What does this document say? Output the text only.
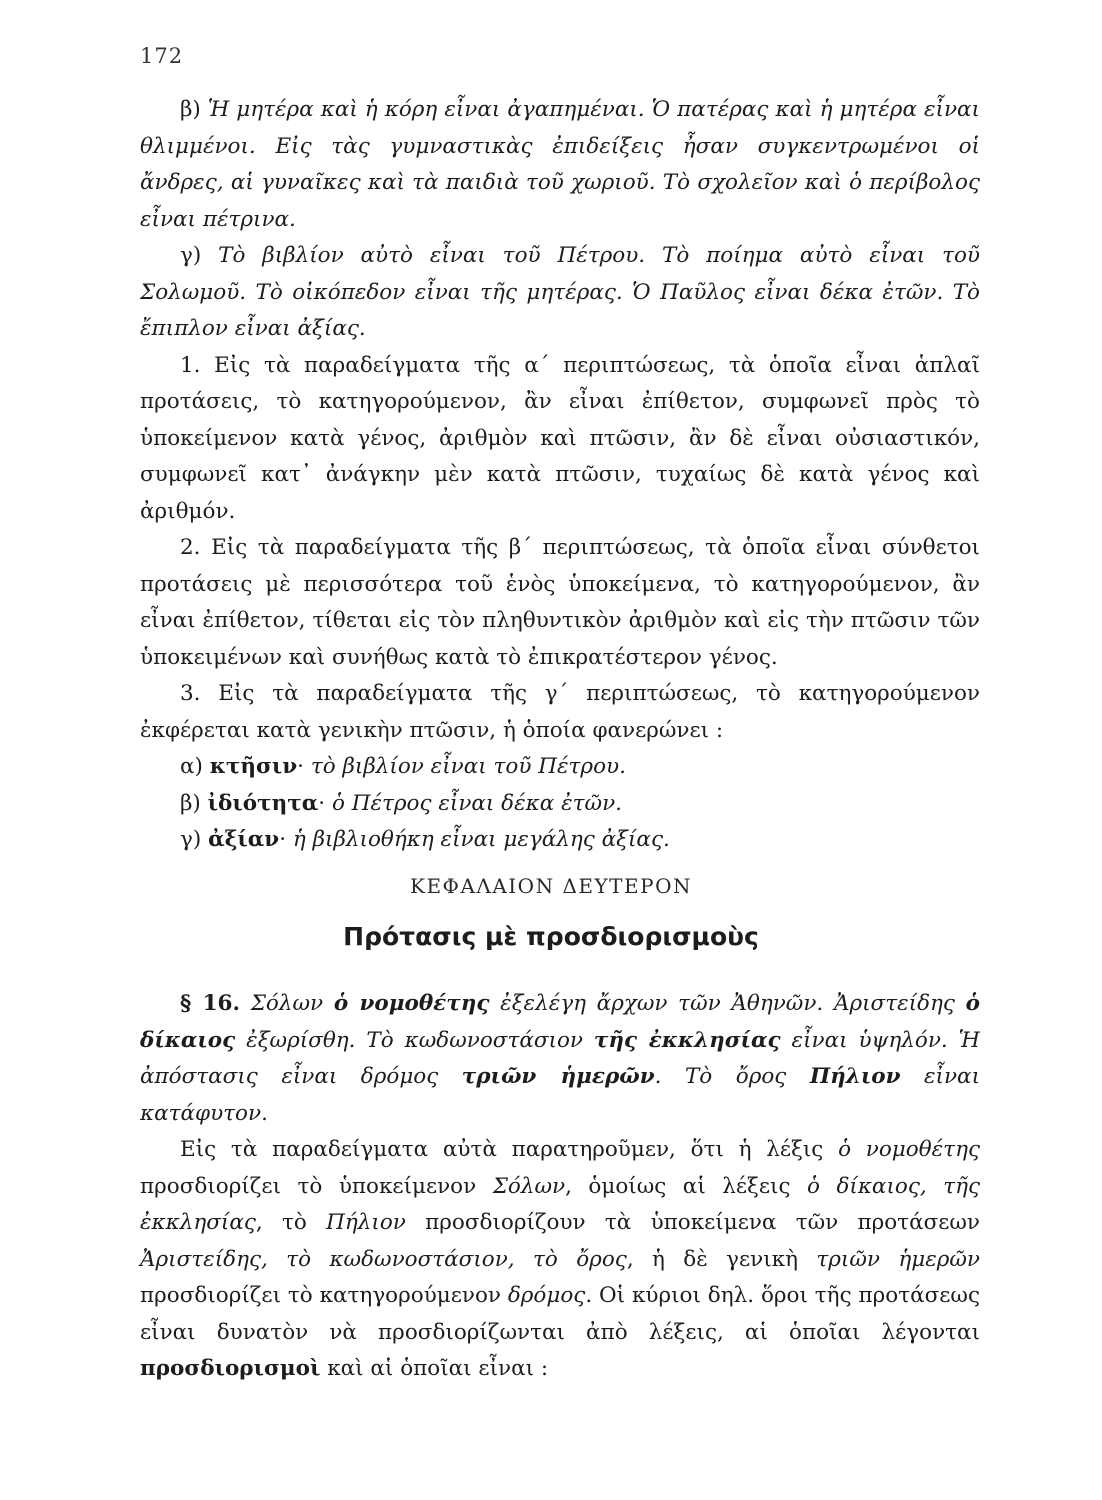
172

β) Ἡ μητέρα καὶ ἡ κόρη εἶναι ἀγαπημέναι. Ὁ πατέρας καὶ ἡ μητέρα εἶναι θλιμμένοι. Εἰς τὰς γυμναστικὰς ἐπιδείξεις ἦσαν συγκεντρωμένοι οἱ ἄνδρες, αἱ γυναῖκες καὶ τὰ παιδιὰ τοῦ χωριοῦ. Τὸ σχολεῖον καὶ ὁ περίβολος εἶναι πέτρινα.

γ) Τὸ βιβλίον αὐτὸ εἶναι τοῦ Πέτρου. Τὸ ποίημα αὐτὸ εἶναι τοῦ Σολωμοῦ. Τὸ οἰκόπεδον εἶναι τῆς μητέρας. Ὁ Παῦλος εἶναι δέκα ἐτῶν. Τὸ ἔπιπλον εἶναι ἀξίας.

1. Εἰς τὰ παραδείγματα τῆς α΄ περιπτώσεως, τὰ ὁποῖα εἶναι ἁπλαῖ προτάσεις, τὸ κατηγορούμενον, ἂν εἶναι ἐπίθετον, συμφωνεῖ πρὸς τὸ ὑποκείμενον κατὰ γένος, ἀριθμὸν καὶ πτῶσιν, ἂν δὲ εἶναι οὐσιαστικόν, συμφωνεῖ κατ᾽ ἀνάγκην μὲν κατὰ πτῶσιν, τυχαίως δὲ κατὰ γένος καὶ ἀριθμόν.

2. Εἰς τὰ παραδείγματα τῆς β΄ περιπτώσεως, τὰ ὁποῖα εἶναι σύνθετοι προτάσεις μὲ περισσότερα τοῦ ἑνὸς ὑποκείμενα, τὸ κατηγορούμενον, ἂν εἶναι ἐπίθετον, τίθεται εἰς τὸν πληθυντικὸν ἀριθμὸν καὶ εἰς τὴν πτῶσιν τῶν ὑποκειμένων καὶ συνήθως κατὰ τὸ ἐπικρατέστερον γένος.

3. Εἰς τὰ παραδείγματα τῆς γ΄ περιπτώσεως, τὸ κατηγορούμενον ἐκφέρεται κατὰ γενικὴν πτῶσιν, ἡ ὁποία φανερώνει :

α) κτῆσιν· τὸ βιβλίον εἶναι τοῦ Πέτρου.
β) ἰδιότητα· ὁ Πέτρος εἶναι δέκα ἐτῶν.
γ) ἀξίαν· ἡ βιβλιοθήκη εἶναι μεγάλης ἀξίας.
ΚΕΦΑΛΑΙΟΝ ΔΕΥΤΕΡΟΝ
Πρότασις μὲ προσδιορισμοὺς

§ 16. Σόλων ὁ νομοθέτης ἐξελέγη ἄρχων τῶν Ἀθηνῶν. Ἀριστείδης ὁ δίκαιος ἐξωρίσθη. Τὸ κωδωνοστάσιον τῆς ἐκκλησίας εἶναι ὑψηλόν. Ἡ ἀπόστασις εἶναι δρόμος τριῶν ἡμερῶν. Τὸ ὄρος Πήλιον εἶναι κατάφυτον.

Εἰς τὰ παραδείγματα αὐτὰ παρατηροῦμεν, ὅτι ἡ λέξις ὁ νομοθέτης προσδιορίζει τὸ ὑποκείμενον Σόλων, ὁμοίως αἱ λέξεις ὁ δίκαιος, τῆς ἐκκλησίας, τὸ Πήλιον προσδιορίζουν τὰ ὑποκείμενα τῶν προτάσεων Ἀριστείδης, τὸ κωδωνοστάσιον, τὸ ὄρος, ἡ δὲ γενικὴ τριῶν ἡμερῶν προσδιορίζει τὸ κατηγορούμενον δρόμος. Οἱ κύριοι δηλ. ὅροι τῆς προτάσεως εἶναι δυνατὸν νὰ προσδιορίζωνται ἀπὸ λέξεις, αἱ ὁποῖαι λέγονται προσδιορισμοὶ καὶ αἱ ὁποῖαι εἶναι :
